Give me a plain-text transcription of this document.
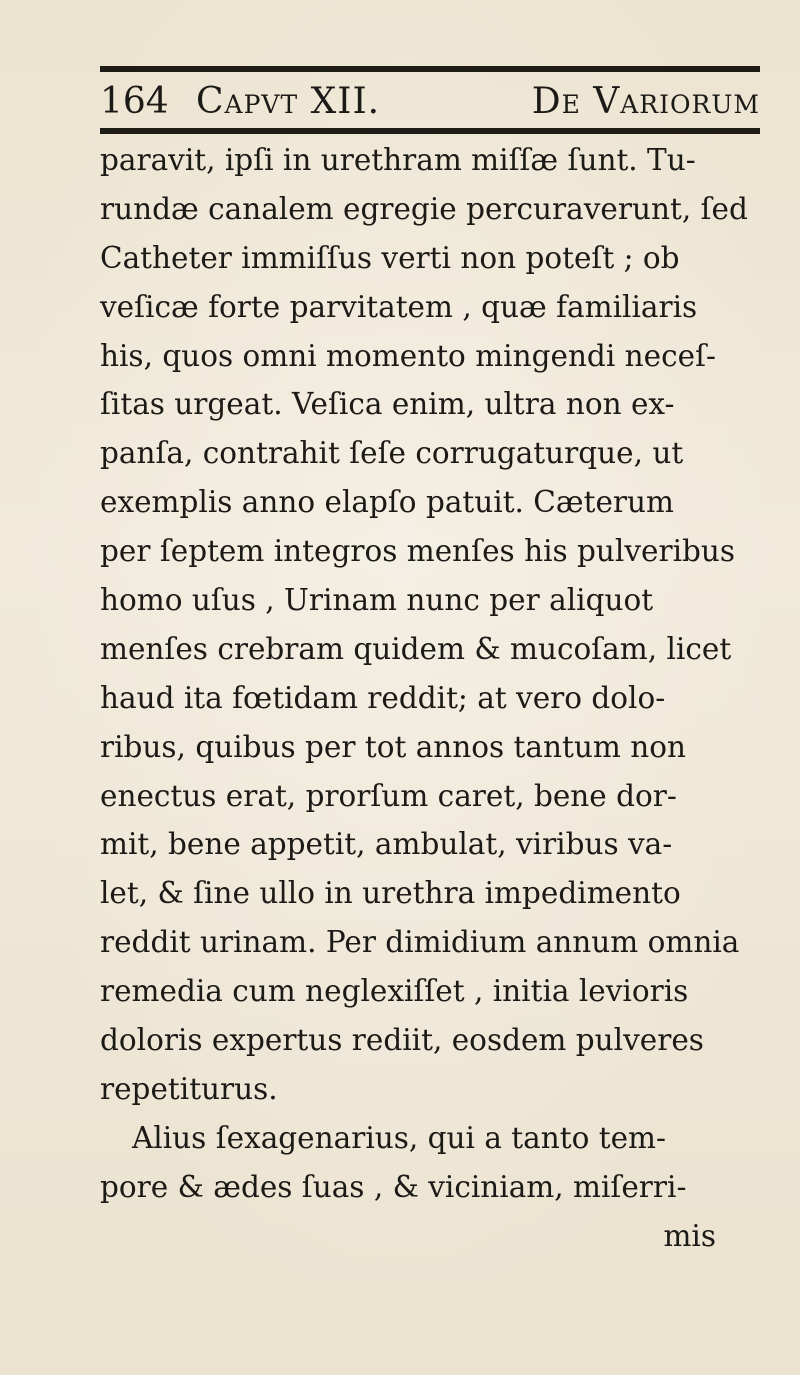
164 Capvt XII.	De Variorum
paravit, ipſi in urethram miſſæ ſunt. Tu-
rundæ canalem egregie percuraverunt, ſed
Catheter immiſſus verti non poteſt ; ob
veſicæ forte parvitatem , quæ familiaris
his, quos omni momento mingendi neceſ-
ſitas urgeat. Veſica enim, ultra non ex-
panſa, contrahit ſeſe corrugaturque, ut
exemplis anno elapſo patuit. Cæterum
per ſeptem integros menſes his pulveribus
homo uſus , Urinam nunc per aliquot
menſes crebram quidem & mucoſam, licet
haud ita fœtidam reddit; at vero dolo-
ribus, quibus per tot annos tantum non
enectus erat, prorſum caret, bene dor-
mit, bene appetit, ambulat, viribus va-
let, & ſine ullo in urethra impedimento
reddit urinam. Per dimidium annum omnia
remedia cum neglexiſſet , initia levioris
doloris expertus rediit, eosdem pulveres
repetiturus.
Alius ſexagenarius, qui a tanto tem-
pore & ædes ſuas , & viciniam, miſerri-
mis
